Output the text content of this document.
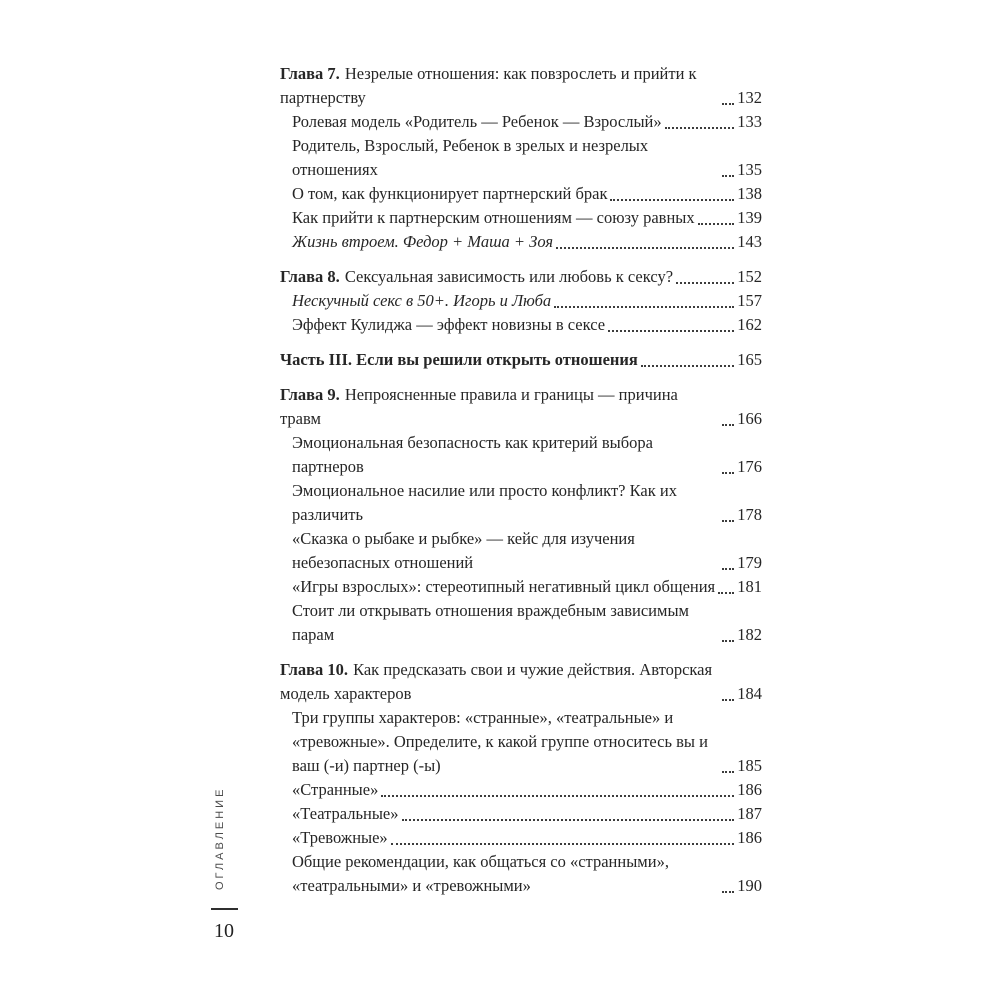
ОГЛАВЛЕНИЕ
10
Глава 7. Незрелые отношения: как повзрослеть и прийти к партнерству	132
Ролевая модель «Родитель — Ребенок — Взрослый»	133
Родитель, Взрослый, Ребенок в зрелых и незрелых отношениях	135
О том, как функционирует партнерский брак	138
Как прийти к партнерским отношениям — союзу равных	139
Жизнь втроем. Федор + Маша + Зоя	143
Глава 8. Сексуальная зависимость или любовь к сексу?	152
Нескучный секс в 50+. Игорь и Люба	157
Эффект Кулиджа — эффект новизны в сексе	162
Часть III. Если вы решили открыть отношения	165
Глава 9. Непроясненные правила и границы — причина травм	166
Эмоциональная безопасность как критерий выбора партнеров	176
Эмоциональное насилие или просто конфликт? Как их различить	178
«Сказка о рыбаке и рыбке» — кейс для изучения небезопасных отношений	179
«Игры взрослых»: стереотипный негативный цикл общения 181
Стоит ли открывать отношения враждебным зависимым парам	182
Глава 10. Как предсказать свои и чужие действия. Авторская модель характеров	184
Три группы характеров: «странные», «театральные» и «тревожные». Определите, к какой группе относитесь вы и ваш (-и) партнер (-ы)	185
«Странные»	186
«Театральные»	187
«Тревожные»	186
Общие рекомендации, как общаться со «странными», «театральными» и «тревожными»	190
